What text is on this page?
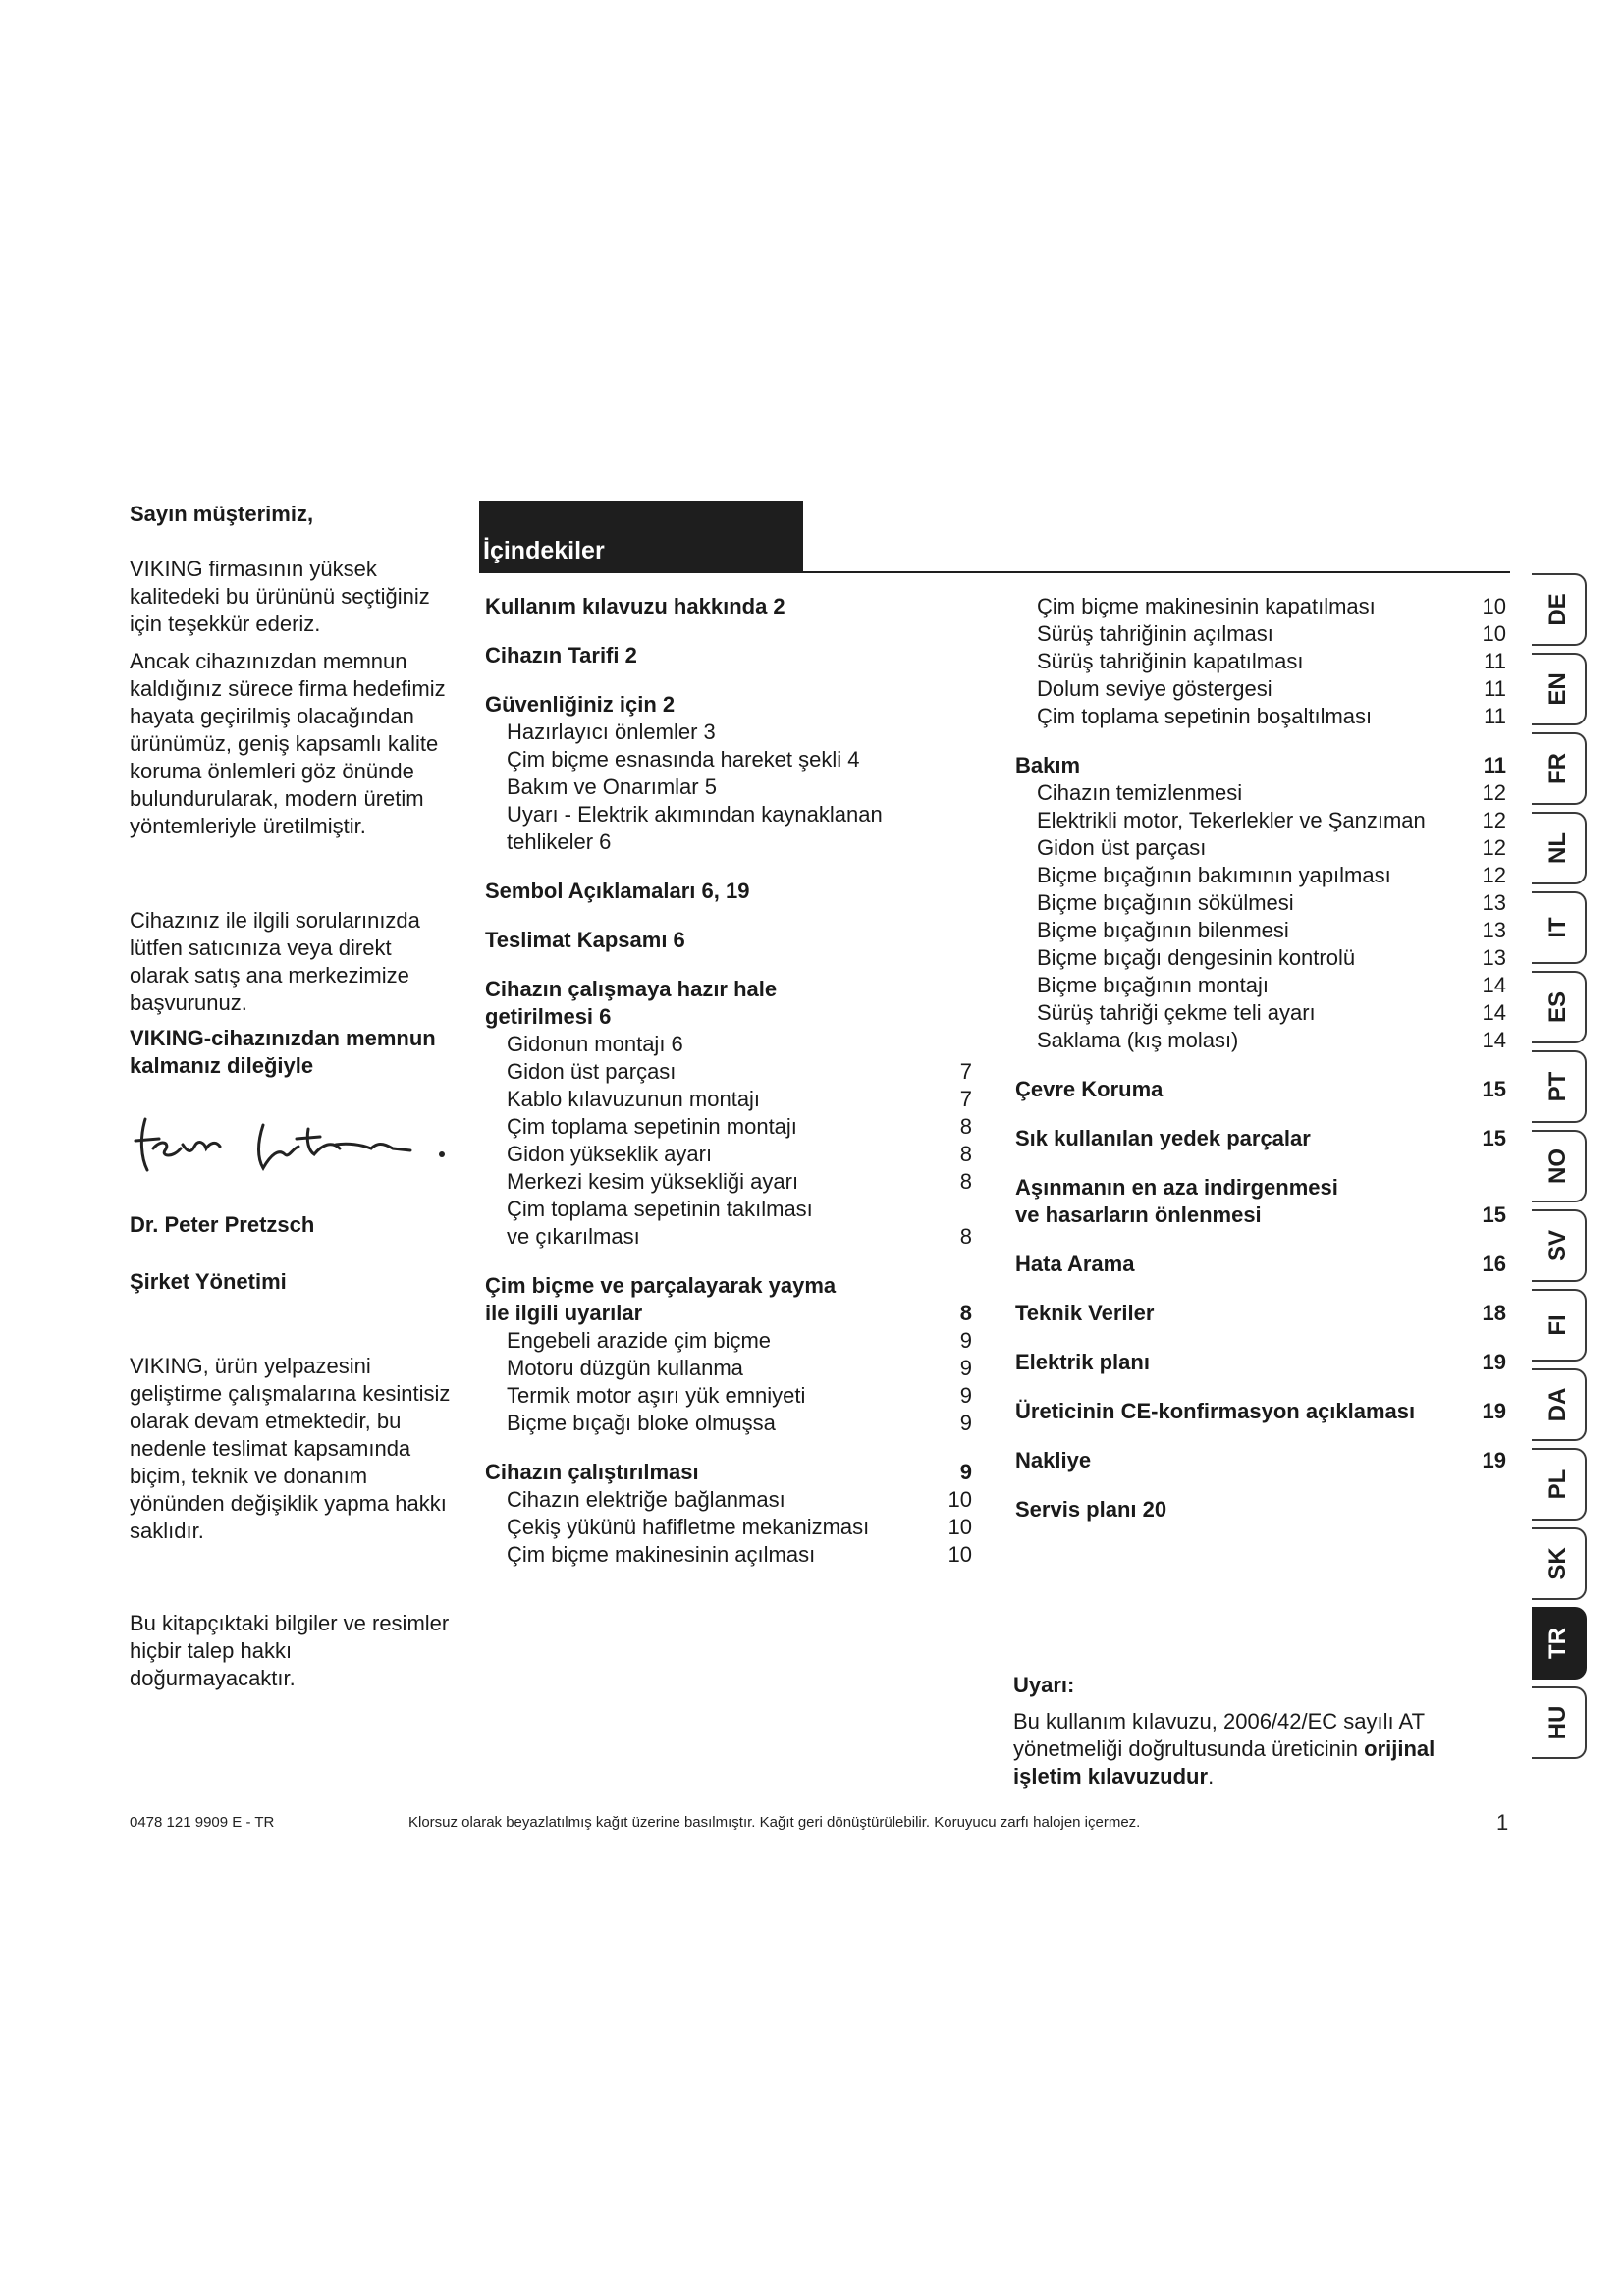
Sayın müşterimiz,
VIKING firmasının yüksek kalitedeki bu ürününü seçtiğiniz için teşekkür ederiz.
Ancak cihazınızdan memnun kaldığınız sürece firma hedefimiz hayata geçirilmiş olacağından ürünümüz, geniş kapsamlı kalite koruma önlemleri göz önünde bulundurularak, modern üretim yöntemleriyle üretilmiştir.
Cihazınız ile ilgili sorularınızda lütfen satıcınıza veya direkt olarak satış ana merkezimize başvurunuz.
VIKING-cihazınızdan memnun kalmanız dileğiyle
Dr. Peter Pretzsch
Şirket Yönetimi
VIKING, ürün yelpazesini geliştirme çalışmalarına kesintisiz olarak devam etmektedir, bu nedenle teslimat kapsamında biçim, teknik ve donanım yönünden değişiklik yapma hakkı saklıdır.
Bu kitapçıktaki bilgiler ve resimler hiçbir talep hakkı doğurmayacaktır.
İçindekiler
Kullanım kılavuzu hakkında 2
Cihazın Tarifi 2
Güvenliğiniz için 2
Hazırlayıcı önlemler 3
Çim biçme esnasında hareket şekli 4
Bakım ve Onarımlar 5
Uyarı - Elektrik akımından kaynaklanan
tehlikeler 6
Sembol Açıklamaları 6, 19
Teslimat Kapsamı 6
Cihazın çalışmaya hazır hale
getirilmesi 6
Gidonun montajı 6
Gidon üst parçası	7
Kablo kılavuzunun montajı	7
Çim toplama sepetinin montajı	8
Gidon yükseklik ayarı	8
Merkezi kesim yüksekliği ayarı	8
Çim toplama sepetinin takılması
ve çıkarılması	8
Çim biçme ve parçalayarak yayma
ile ilgili uyarılar	8
Engebeli arazide çim biçme	9
Motoru düzgün kullanma	9
Termik motor aşırı yük emniyeti	9
Biçme bıçağı bloke olmuşsa	9
Cihazın çalıştırılması	9
Cihazın elektriğe bağlanması	10
Çekiş yükünü hafifletme mekanizması	10
Çim biçme makinesinin açılması	10
Çim biçme makinesinin kapatılması	10
Sürüş tahriğinin açılması	10
Sürüş tahriğinin kapatılması	11
Dolum seviye göstergesi	11
Çim toplama sepetinin boşaltılması	11
Bakım	11
Cihazın temizlenmesi	12
Elektrikli motor, Tekerlekler ve Şanzıman	12
Gidon üst parçası	12
Biçme bıçağının bakımının yapılması	12
Biçme bıçağının sökülmesi	13
Biçme bıçağının bilenmesi	13
Biçme bıçağı dengesinin kontrolü	13
Biçme bıçağının montajı	14
Sürüş tahriği çekme teli ayarı	14
Saklama (kış molası)	14
Çevre Koruma	15
Sık kullanılan yedek parçalar	15
Aşınmanın en aza indirgenmesi
ve hasarların önlenmesi	15
Hata Arama	16
Teknik Veriler	18
Elektrik planı	19
Üreticinin CE-konfirmasyon açıklaması	19
Nakliye	19
Servis planı 20
Uyarı:
Bu kullanım kılavuzu, 2006/42/EC sayılı AT yönetmeliği doğrultusunda üreticinin orijinal işletim kılavuzudur.
DE
EN
FR
NL
IT
ES
PT
NO
SV
FI
DA
PL
SK
TR
HU
0478 121 9909 E - TR	Klorsuz olarak beyazlatılmış kağıt üzerine basılmıştır. Kağıt geri dönüştürülebilir. Koruyucu zarfı halojen içermez.	1
